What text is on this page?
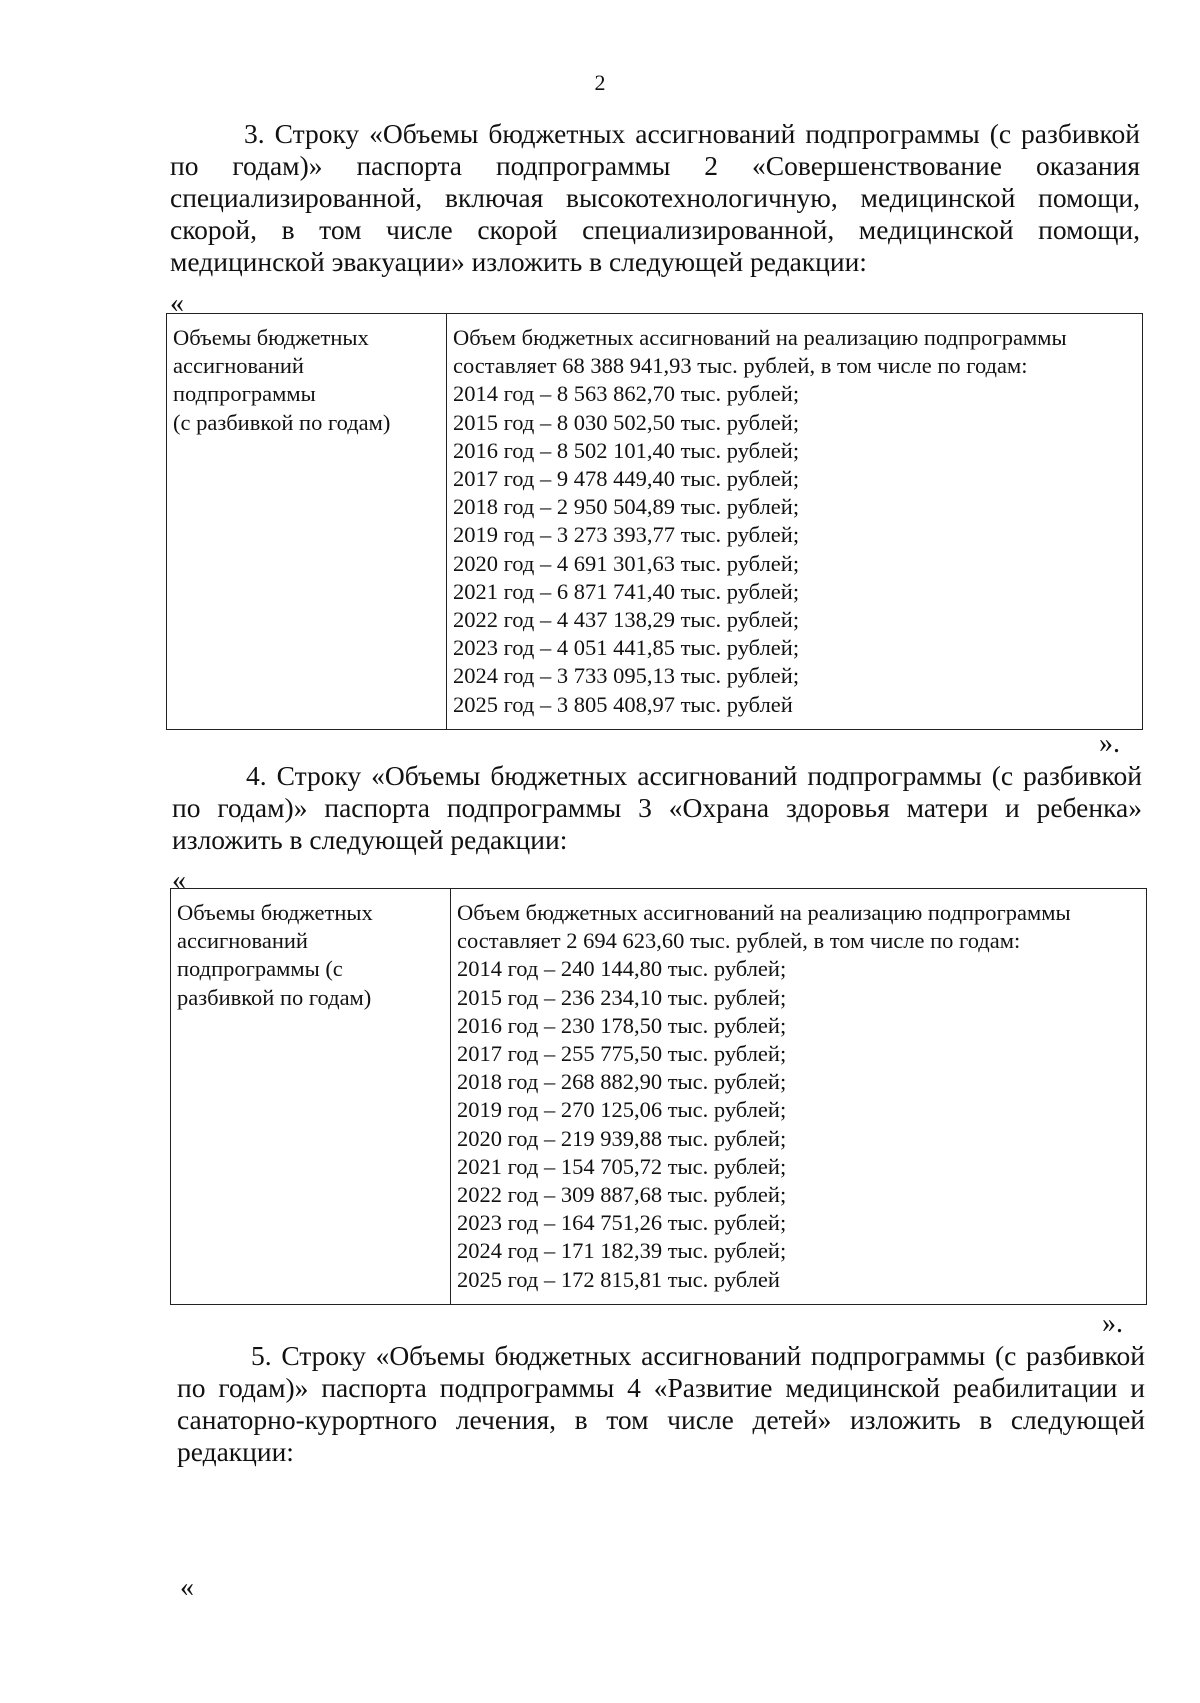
2
3. Строку «Объемы бюджетных ассигнований подпрограммы (с разбивкой по годам)» паспорта подпрограммы 2 «Совершенствование оказания специализированной, включая высокотехнологичную, медицинской помощи, скорой, в том числе скорой специализированной, медицинской помощи, медицинской эвакуации» изложить в следующей редакции:
«
Объемы бюджетных
ассигнований
подпрограммы
(с разбивкой по годам)

Объем бюджетных ассигнований на реализацию подпрограммы
составляет 68 388 941,93 тыс. рублей, в том числе по годам:
2014 год – 8 563 862,70 тыс. рублей;
2015 год – 8 030 502,50 тыс. рублей;
2016 год – 8 502 101,40 тыс. рублей;
2017 год – 9 478 449,40 тыс. рублей;
2018 год – 2 950 504,89 тыс. рублей;
2019 год – 3 273 393,77 тыс. рублей;
2020 год – 4 691 301,63 тыс. рублей;
2021 год – 6 871 741,40 тыс. рублей;
2022 год – 4 437 138,29 тыс. рублей;
2023 год – 4 051 441,85 тыс. рублей;
2024 год – 3 733 095,13 тыс. рублей;
2025 год – 3 805 408,97 тыс. рублей
».
4. Строку «Объемы бюджетных ассигнований подпрограммы (с разбивкой по годам)» паспорта подпрограммы 3 «Охрана здоровья матери и ребенка» изложить в следующей редакции:
«
Объемы бюджетных
ассигнований
подпрограммы (с
разбивкой по годам)

Объем бюджетных ассигнований на реализацию подпрограммы
составляет 2 694 623,60 тыс. рублей, в том числе по годам:
2014 год – 240 144,80 тыс. рублей;
2015 год – 236 234,10 тыс. рублей;
2016 год – 230 178,50 тыс. рублей;
2017 год – 255 775,50 тыс. рублей;
2018 год – 268 882,90 тыс. рублей;
2019 год – 270 125,06 тыс. рублей;
2020 год – 219 939,88 тыс. рублей;
2021 год – 154 705,72 тыс. рублей;
2022 год – 309 887,68 тыс. рублей;
2023 год – 164 751,26 тыс. рублей;
2024 год – 171 182,39 тыс. рублей;
2025 год – 172 815,81 тыс. рублей
».
5. Строку «Объемы бюджетных ассигнований подпрограммы (с разбивкой по годам)» паспорта подпрограммы 4 «Развитие медицинской реабилитации и санаторно-курортного лечения, в том числе детей» изложить в следующей редакции:
«
